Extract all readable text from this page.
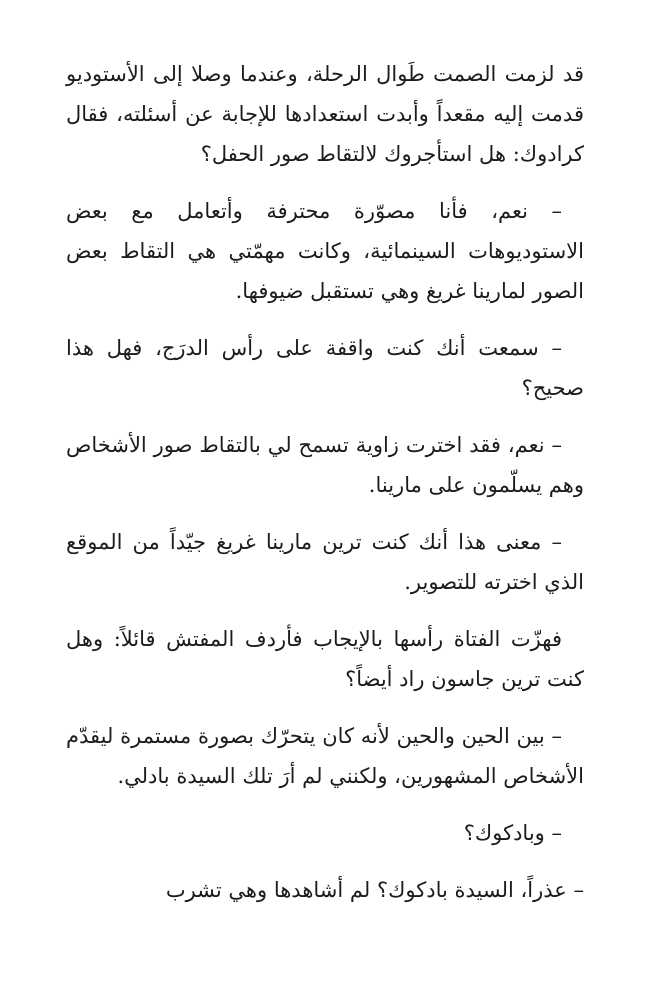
قد لزمت الصمت طَوال الرحلة، وعندما وصلا إلى الأستوديو قدمت إليه مقعداً وأبدت استعدادها للإجابة عن أسئلته، فقال كرادوك: هل استأجروك لالتقاط صور الحفل؟

– نعم، فأنا مصوّرة محترفة وأتعامل مع بعض الاستوديوهات السينمائية، وكانت مهمّتي هي التقاط بعض الصور لمارينا غريغ وهي تستقبل ضيوفها.

– سمعت أنك كنت واقفة على رأس الدرَج، فهل هذا صحيح؟

– نعم، فقد اخترت زاوية تسمح لي بالتقاط صور الأشخاص وهم يسلّمون على مارينا.

– معنى هذا أنك كنت ترين مارينا غريغ جيّداً من الموقع الذي اخترته للتصوير.

فهزّت الفتاة رأسها بالإيجاب فأردف المفتش قائلاً: وهل كنت ترين جاسون راد أيضاً؟

– بين الحين والحين لأنه كان يتحرّك بصورة مستمرة ليقدّم الأشخاص المشهورين، ولكنني لم أرَ تلك السيدة بادلي.

– وبادكوك؟

– عذراً، السيدة بادكوك؟ لم أشاهدها وهي تشرب
